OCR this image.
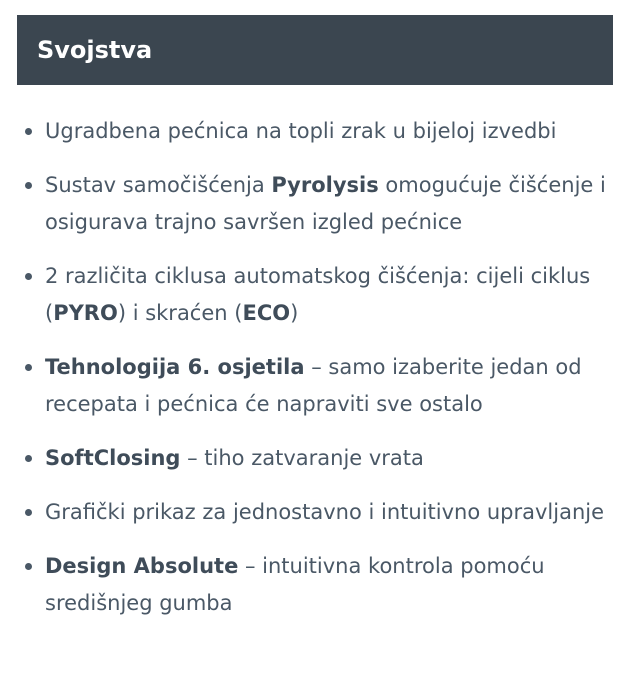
Svojstva
Ugradbena pećnica na topli zrak u bijeloj izvedbi
Sustav samočišćenja Pyrolysis omogućuje čišćenje i osigurava trajno savršen izgled pećnice
2 različita ciklusa automatskog čišćenja: cijeli ciklus (PYRO) i skraćen (ECO)
Tehnologija 6. osjetila – samo izaberite jedan od recepata i pećnica će napraviti sve ostalo
SoftClosing – tiho zatvaranje vrata
Grafički prikaz za jednostavno i intuitivno upravljanje
Design Absolute – intuitivna kontrola pomoću središnjeg gumba
